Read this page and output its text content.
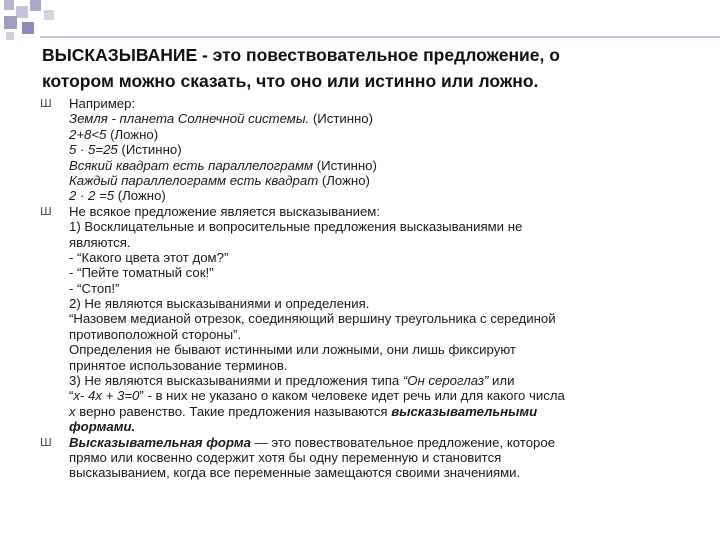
ВЫСКАЗЫВАНИЕ - это повествовательное предложение, о
котором можно сказать, что оно или истинно или ложно.
Ш Например:
Земля - планета Солнечной системы. (Истинно)
2+8<5 (Ложно)
5 · 5=25 (Истинно)
Всякий квадрат есть параллелограмм (Истинно)
Каждый параллелограмм есть квадрат (Ложно)
2 · 2 =5 (Ложно)
Ш Не всякое предложение является высказыванием:
1) Восклицательные и вопросительные предложения высказываниями не
являются.
- “Какого цвета этот дом?”
- “Пейте томатный сок!”
- “Стоп!”
2) Не являются высказываниями и определения.
“Назовем медианой отрезок, соединяющий вершину треугольника с серединой
противоположной стороны”.
Определения не бывают истинными или ложными, они лишь фиксируют
принятое использование терминов.
3) Не являются высказываниями и предложения типа “Он сероглаз” или
“x- 4x + 3=0” - в них не указано о каком человеке идет речь или для какого числа
x верно равенство. Такие предложения называются высказывательными
формами.
Ш Высказывательная форма — это повествовательное предложение, которое
прямо или косвенно содержит хотя бы одну переменную и становится
высказыванием, когда все переменные замещаются своими значениями.
